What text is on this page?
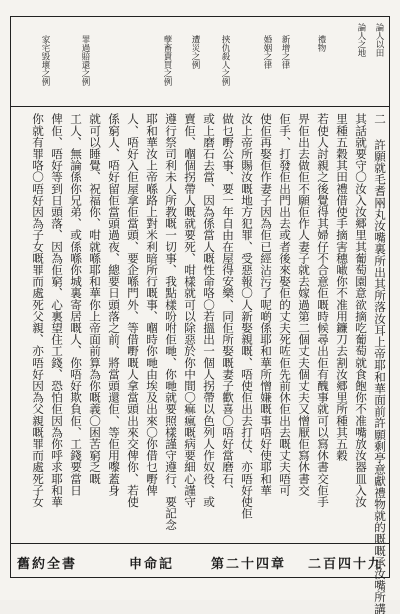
論人以田
論人之地
禮物
新增之律
婚姻之律
挾仇殺人之例
遭災之例
孽畜賣買之例
罪過賠還之例
家宅毀壞之例
二 許願就毛耆㒳丸汝嘴裏所出其所落汝耳上帝耶和華面前許願剩𠅘意獻禮物就的嘅嘅承汝嘴所講
其話就要守〇汝入汝郷里其葡萄園意欲摘吃葡萄就食飽你不准嘴放汝器皿入汝
里種五穀其田禮借使手摘害穗噉你不准用鐮刀去割汝郷里所種其五穀
若使人討親之後覺得其婦仔不合意佢嘅時候尋出佢有醜事就可以寫休書交佢手
畀佢出去做佢不願佢作人妻子就去嫁過第二個丈夫個丈夫又憎厭佢寫休書交
佢手、打發佢出門出去或者後來娶佢的丈夫死咗佢先前休佢出去嘅丈夫唔可
使佢再娶佢作妻子因為佢已經沾污了呢啲係耶和華所憎嫌嘅事唔好使耶和華
汝上帝所賜汝嘅地方犯罪、受惡報〇人新娶親嘅、唔使佢出去打仗、亦唔好使佢
做乜嘢公事、要一年自由在屋得安樂、同佢所娶嘅妻子歡喜〇唔好當磨石、
或上磨石去當、因為係當人嘅性命咯〇若搵出一個人拐帶以色列人作奴役、或
賣佢、嗰個拐帶人嘅就要死、咁樣就可以除惡於你中間〇痲瘋嘅病要細心謹守
遵行祭司利未人所教嘅一切事、我點樣吩咐佢哋、你哋就要照樣謹守遵行、要記念
耶和華汝上帝喺路上對米利暗所行嘅事、嗰時你哋由埃及出來〇你借乜嘢俾
人、唔好入佢屋拿佢當頭、要企喺門外、等借嘢嘅人拿當頭出來交俾你、若使
係窮人、唔好留佢當頭過夜、總要日頭落之前、將當頭還佢、等佢用嚟蓋身
就可以睡覺、祝福你、咁就喺耶和華你上帝面前算為你嘅義〇困苦窮乏嘅
工人、無論係你兄弟、或係喺你城裏寄居嘅人、你唔好欺負佢、工錢要當日
俾佢、唔好等到日頭落、因為佢窮、心裏望住工錢、恐怕佢因為你呼求耶和華
你就有罪咯〇唔好因為子女嘅罪而處死父親、亦唔好因為父親嘅罪而處死子女
舊約全書	申命記	第二十四章 二百四十九
